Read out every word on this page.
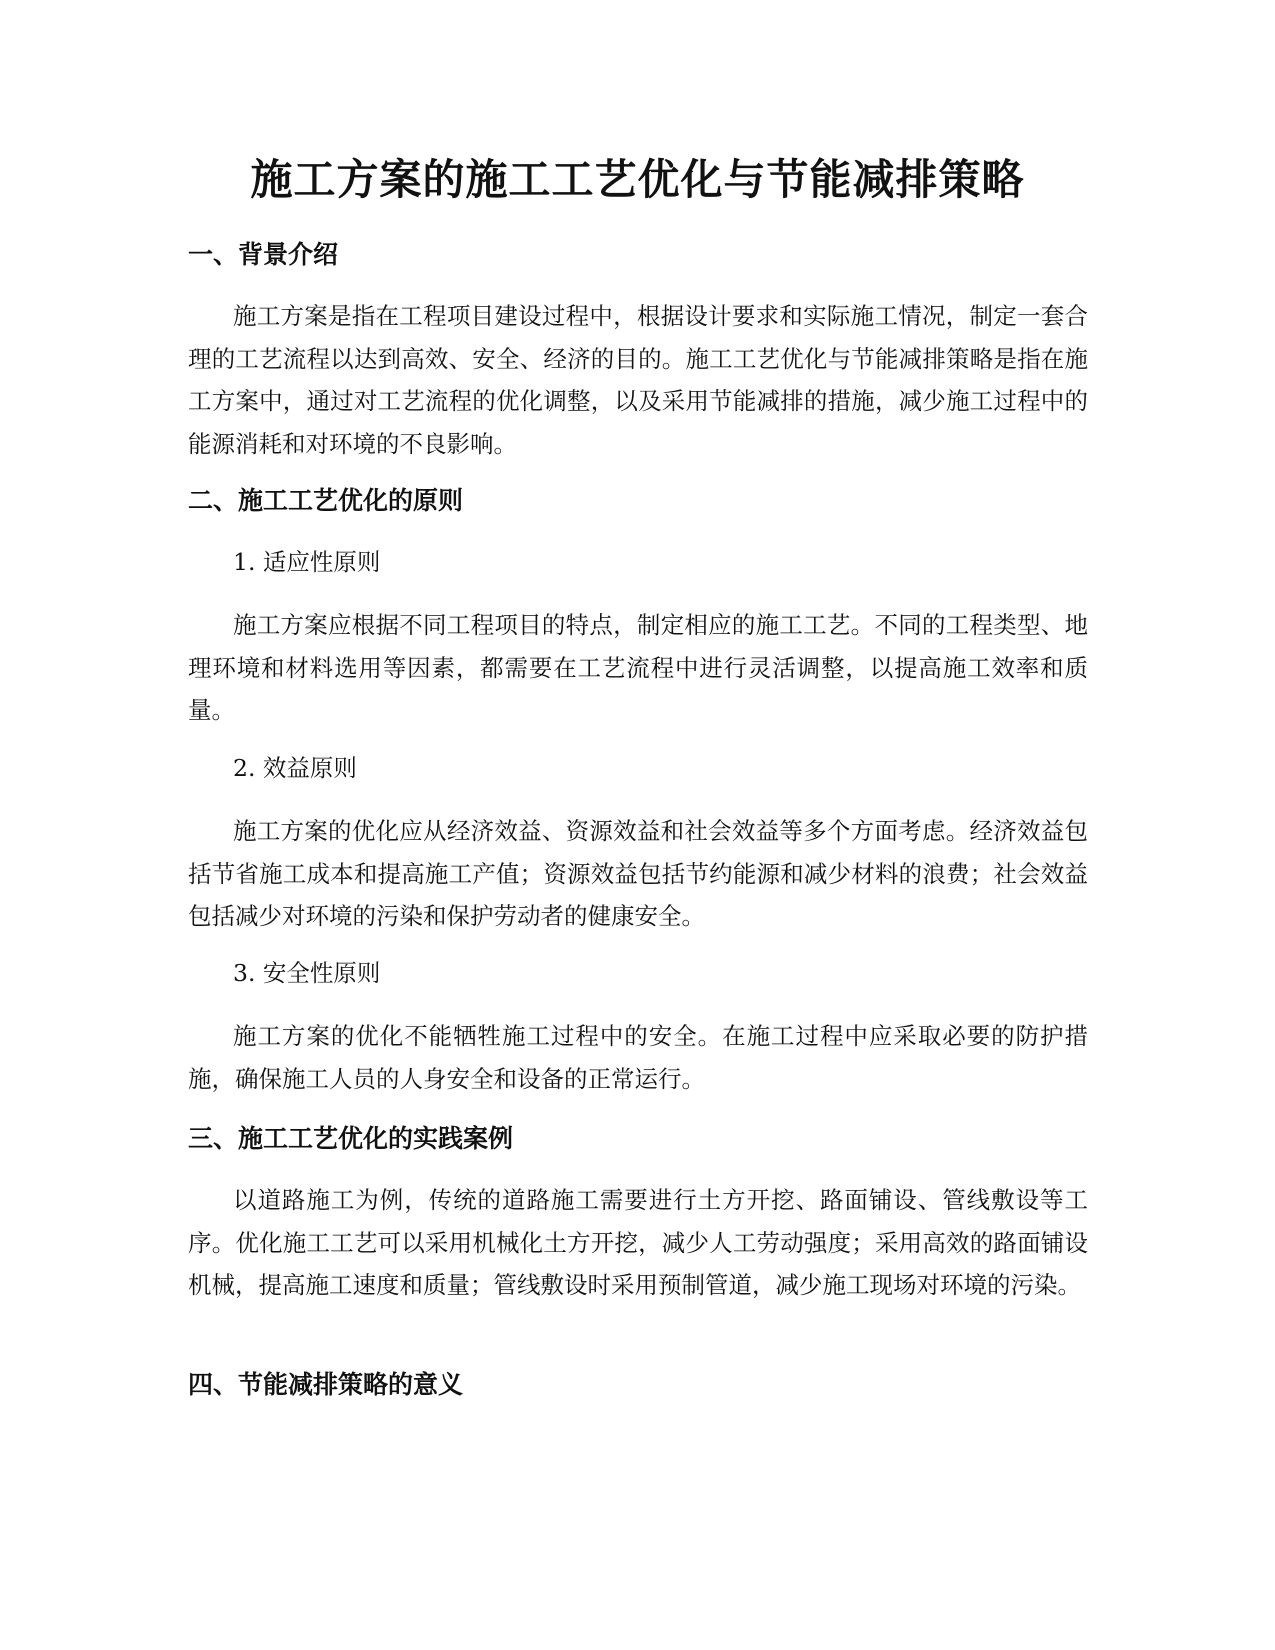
施工方案的施工工艺优化与节能减排策略
一、背景介绍

施工方案是指在工程项目建设过程中，根据设计要求和实际施工情况，制定一套合理的工艺流程以达到高效、安全、经济的目的。施工工艺优化与节能减排策略是指在施工方案中，通过对工艺流程的优化调整，以及采用节能减排的措施，减少施工过程中的能源消耗和对环境的不良影响。

二、施工工艺优化的原则
1. 适应性原则

施工方案应根据不同工程项目的特点，制定相应的施工工艺。不同的工程类型、地理环境和材料选用等因素，都需要在工艺流程中进行灵活调整，以提高施工效率和质量。

2. 效益原则

施工方案的优化应从经济效益、资源效益和社会效益等多个方面考虑。经济效益包括节省施工成本和提高施工产值；资源效益包括节约能源和减少材料的浪费；社会效益包括减少对环境的污染和保护劳动者的健康安全。

3. 安全性原则

施工方案的优化不能牺牲施工过程中的安全。在施工过程中应采取必要的防护措施，确保施工人员的人身安全和设备的正常运行。

三、施工工艺优化的实践案例

以道路施工为例，传统的道路施工需要进行土方开挖、路面铺设、管线敷设等工序。优化施工工艺可以采用机械化土方开挖，减少人工劳动强度；采用高效的路面铺设机械，提高施工速度和质量；管线敷设时采用预制管道，减少施工现场对环境的污染。

四、节能减排策略的意义
